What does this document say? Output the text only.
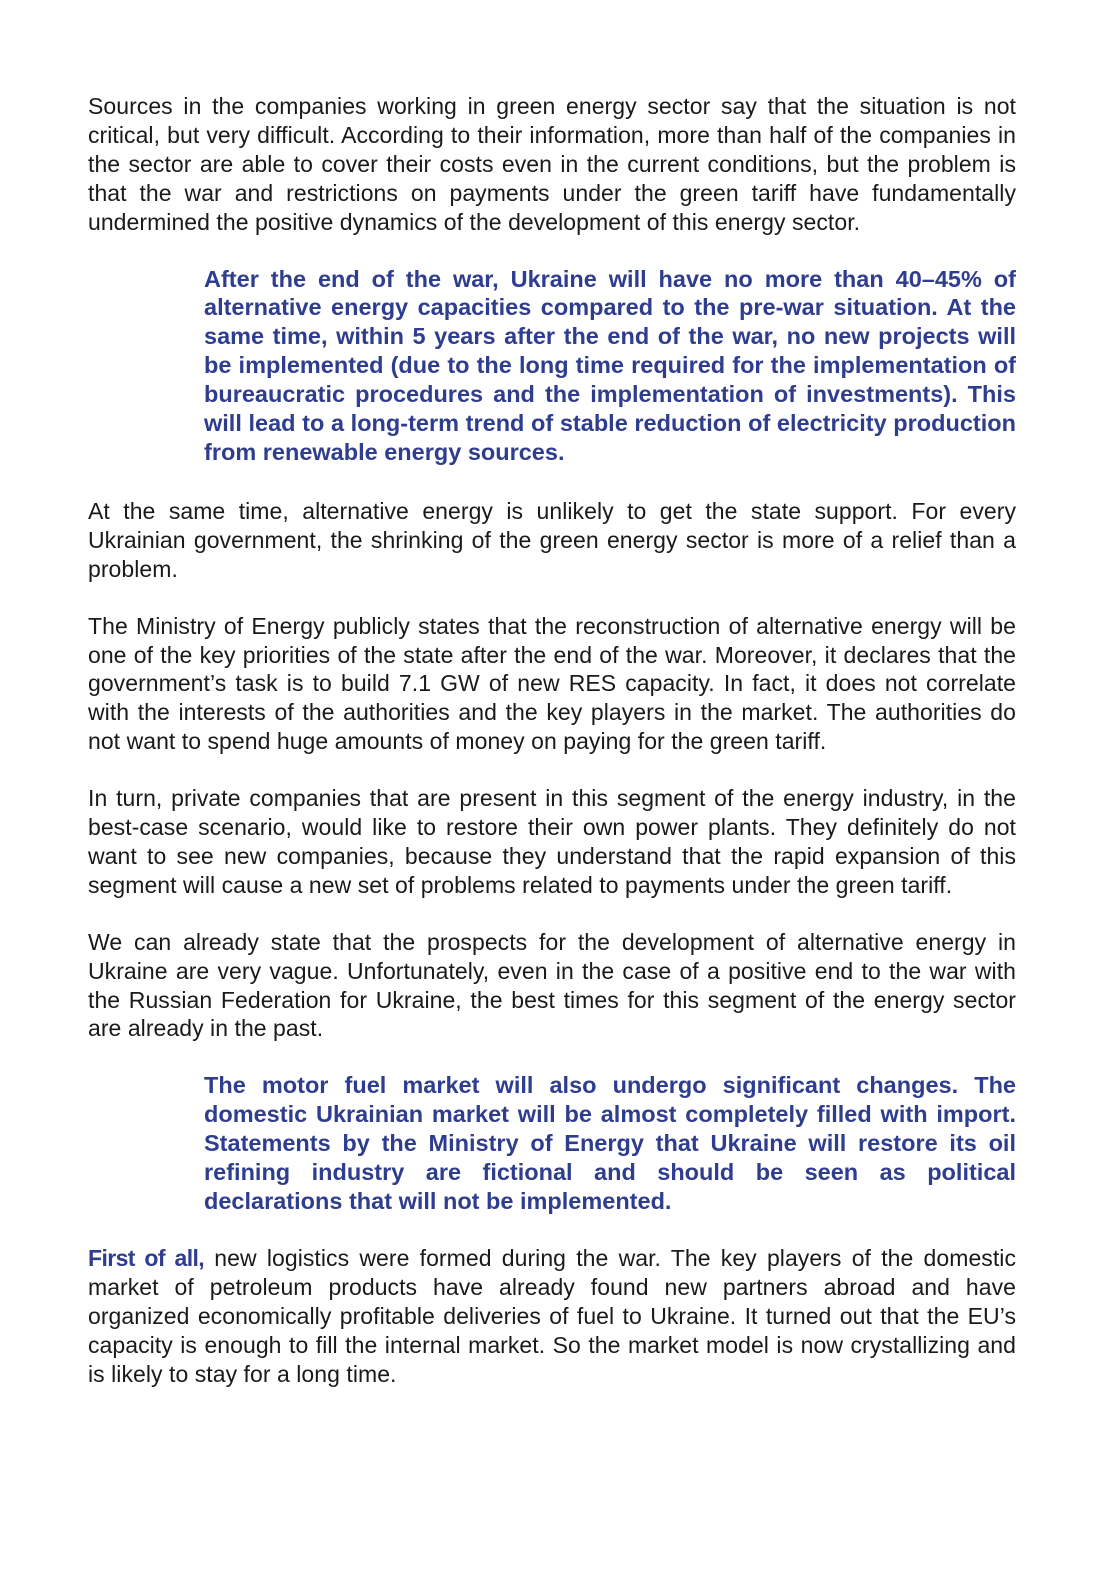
Sources in the companies working in green energy sector say that the situation is not critical, but very difficult. According to their information, more than half of the companies in the sector are able to cover their costs even in the current conditions, but the problem is that the war and restrictions on payments under the green tariff have fundamentally undermined the positive dynamics of the development of this energy sector.

After the end of the war, Ukraine will have no more than 40–45% of alternative energy capacities compared to the pre-war situation. At the same time, within 5 years after the end of the war, no new projects will be implemented (due to the long time required for the implementation of bureaucratic procedures and the implementation of investments). This will lead to a long-term trend of stable reduction of electricity production from renewable energy sources.

At the same time, alternative energy is unlikely to get the state support. For every Ukrainian government, the shrinking of the green energy sector is more of a relief than a problem.

The Ministry of Energy publicly states that the reconstruction of alternative energy will be one of the key priorities of the state after the end of the war. Moreover, it declares that the government’s task is to build 7.1 GW of new RES capacity. In fact, it does not correlate with the interests of the authorities and the key players in the market. The authorities do not want to spend huge amounts of money on paying for the green tariff.

In turn, private companies that are present in this segment of the energy industry, in the best-case scenario, would like to restore their own power plants. They definitely do not want to see new companies, because they understand that the rapid expansion of this segment will cause a new set of problems related to payments under the green tariff.

We can already state that the prospects for the development of alternative energy in Ukraine are very vague. Unfortunately, even in the case of a positive end to the war with the Russian Federation for Ukraine, the best times for this segment of the energy sector are already in the past.

The motor fuel market will also undergo significant changes. The domestic Ukrainian market will be almost completely filled with import. Statements by the Ministry of Energy that Ukraine will restore its oil refining industry are fictional and should be seen as political declarations that will not be implemented.

First of all, new logistics were formed during the war. The key players of the domestic market of petroleum products have already found new partners abroad and have organized economically profitable deliveries of fuel to Ukraine. It turned out that the EU’s capacity is enough to fill the internal market. So the market model is now crystallizing and is likely to stay for a long time.
